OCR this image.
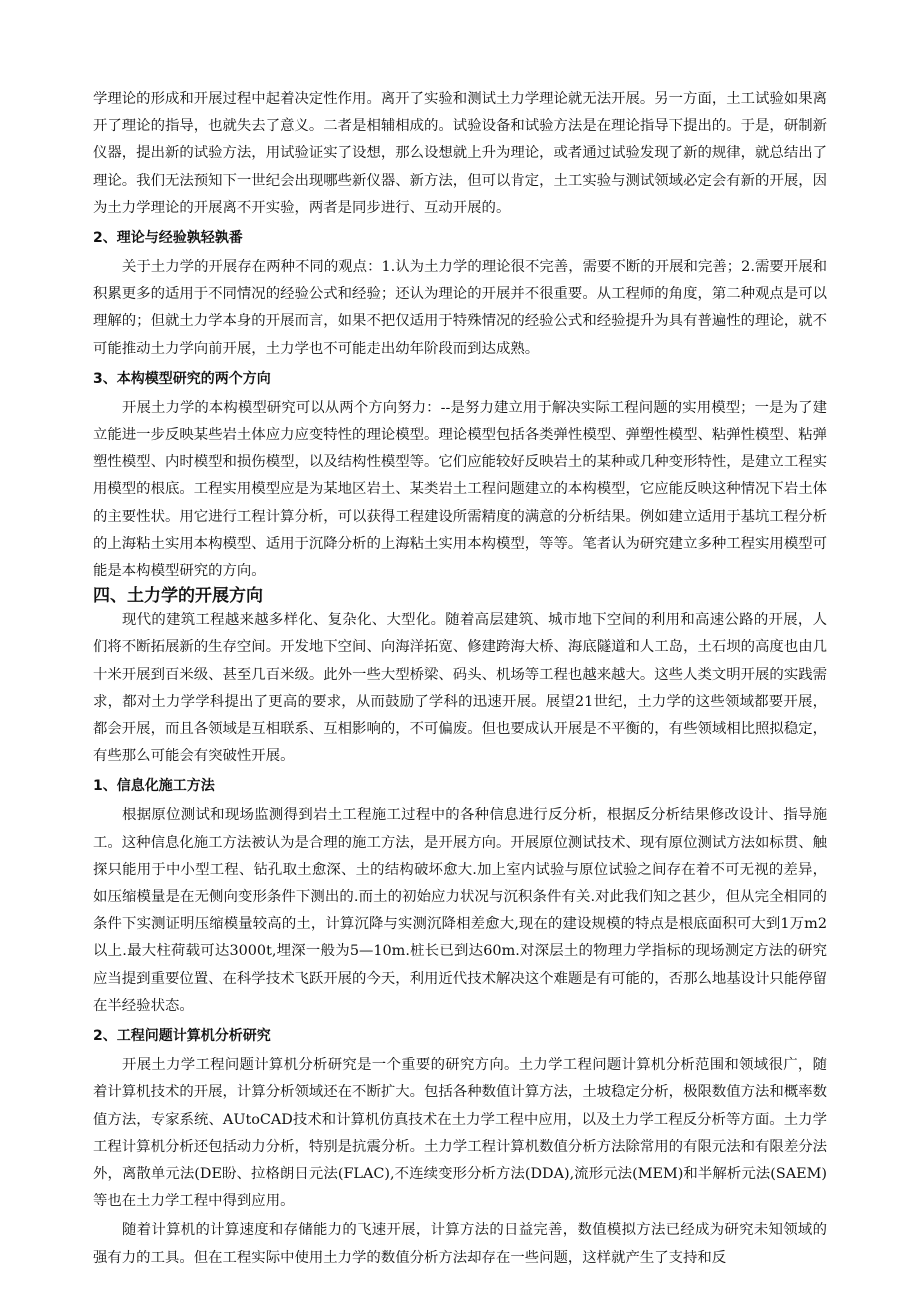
学理论的形成和开展过程中起着决定性作用。离开了实验和测试土力学理论就无法开展。另一方面，土工试验如果离开了理论的指导，也就失去了意义。二者是相辅相成的。试验设备和试验方法是在理论指导下提出的。于是，研制新仪器，提出新的试验方法，用试验证实了设想，那么设想就上升为理论，或者通过试验发现了新的规律，就总结出了理论。我们无法预知下一世纪会出现哪些新仪器、新方法，但可以肯定，土工实验与测试领域必定会有新的开展，因为土力学理论的开展离不开实验，两者是同步进行、互动开展的。

2、理论与经验孰轻孰番

关于土力学的开展存在两种不同的观点：1.认为土力学的理论很不完善，需要不断的开展和完善；2.需要开展和积累更多的适用于不同情况的经验公式和经验；还认为理论的开展并不很重要。从工程师的角度，第二种观点是可以理解的；但就土力学本身的开展而言，如果不把仅适用于特殊情况的经验公式和经验提升为具有普遍性的理论，就不可能推动土力学向前开展，土力学也不可能走出幼年阶段而到达成熟。

3、本构模型研究的两个方向

开展土力学的本构模型研究可以从两个方向努力：--是努力建立用于解决实际工程问题的实用模型；一是为了建立能进一步反映某些岩土体应力应变特性的理论模型。理论模型包括各类弹性模型、弹塑性模型、粘弹性模型、粘弹塑性模型、内时模型和损伤模型，以及结构性模型等。它们应能较好反映岩土的某种或几种变形特性，是建立工程实用模型的根底。工程实用模型应是为某地区岩土、某类岩土工程问题建立的本构模型，它应能反映这种情况下岩土体的主要性状。用它进行工程计算分析，可以获得工程建设所需精度的满意的分析结果。例如建立适用于基坑工程分析的上海粘土实用本构模型、适用于沉降分析的上海粘土实用本构模型，等等。笔者认为研究建立多种工程实用模型可能是本构模型研究的方向。

四、土力学的开展方向

现代的建筑工程越来越多样化、复杂化、大型化。随着高层建筑、城市地下空间的利用和高速公路的开展，人们将不断拓展新的生存空间。开发地下空间、向海洋拓宽、修建跨海大桥、海底隧道和人工岛，土石坝的高度也由几十米开展到百米级、甚至几百米级。此外一些大型桥梁、码头、机场等工程也越来越大。这些人类文明开展的实践需求，都对土力学学科提出了更高的要求，从而鼓励了学科的迅速开展。展望21世纪，土力学的这些领域都要开展，都会开展，而且各领域是互相联系、互相影响的，不可偏废。但也要成认开展是不平衡的，有些领域相比照拟稳定，有些那么可能会有突破性开展。

1、信息化施工方法

根据原位测试和现场监测得到岩土工程施工过程中的各种信息进行反分析，根据反分析结果修改设计、指导施工。这种信息化施工方法被认为是合理的施工方法，是开展方向。开展原位测试技术、现有原位测试方法如标贯、触探只能用于中小型工程、钻孔取土愈深、土的结构破坏愈大.加上室内试验与原位试验之间存在着不可无视的差异，如压缩模量是在无侧向变形条件下测出的.而土的初始应力状况与沉积条件有关.对此我们知之甚少，但从完全相同的条件下实测证明压缩模量较高的土，计算沉降与实测沉降相差愈大,现在的建设规模的特点是根底面积可大到1万m2以上.最大柱荷载可达3000t,埋深一般为5—10m.桩长已到达60m.对深层土的物理力学指标的现场测定方法的研究应当提到重要位置、在科学技术飞跃开展的今天，利用近代技术解决这个难题是有可能的，否那么地基设计只能停留在半经验状态。

2、工程问题计算机分析研究

开展土力学工程问题计算机分析研究是一个重要的研究方向。土力学工程问题计算机分析范围和领域很广，随着计算机技术的开展，计算分析领域还在不断扩大。包括各种数值计算方法，土坡稳定分析，极限数值方法和概率数值方法，专家系统、AUtoCAD技术和计算机仿真技术在土力学工程中应用，以及土力学工程反分析等方面。土力学工程计算机分析还包括动力分析，特别是抗震分析。土力学工程计算机数值分析方法除常用的有限元法和有限差分法外，离散单元法(DE盼、拉格朗日元法(FLAC),不连续变形分析方法(DDA),流形元法(MEM)和半解析元法(SAEM)等也在土力学工程中得到应用。

随着计算机的计算速度和存储能力的飞速开展，计算方法的日益完善，数值模拟方法已经成为研究未知领域的强有力的工具。但在工程实际中使用土力学的数值分析方法却存在一些问题，这样就产生了支持和反
